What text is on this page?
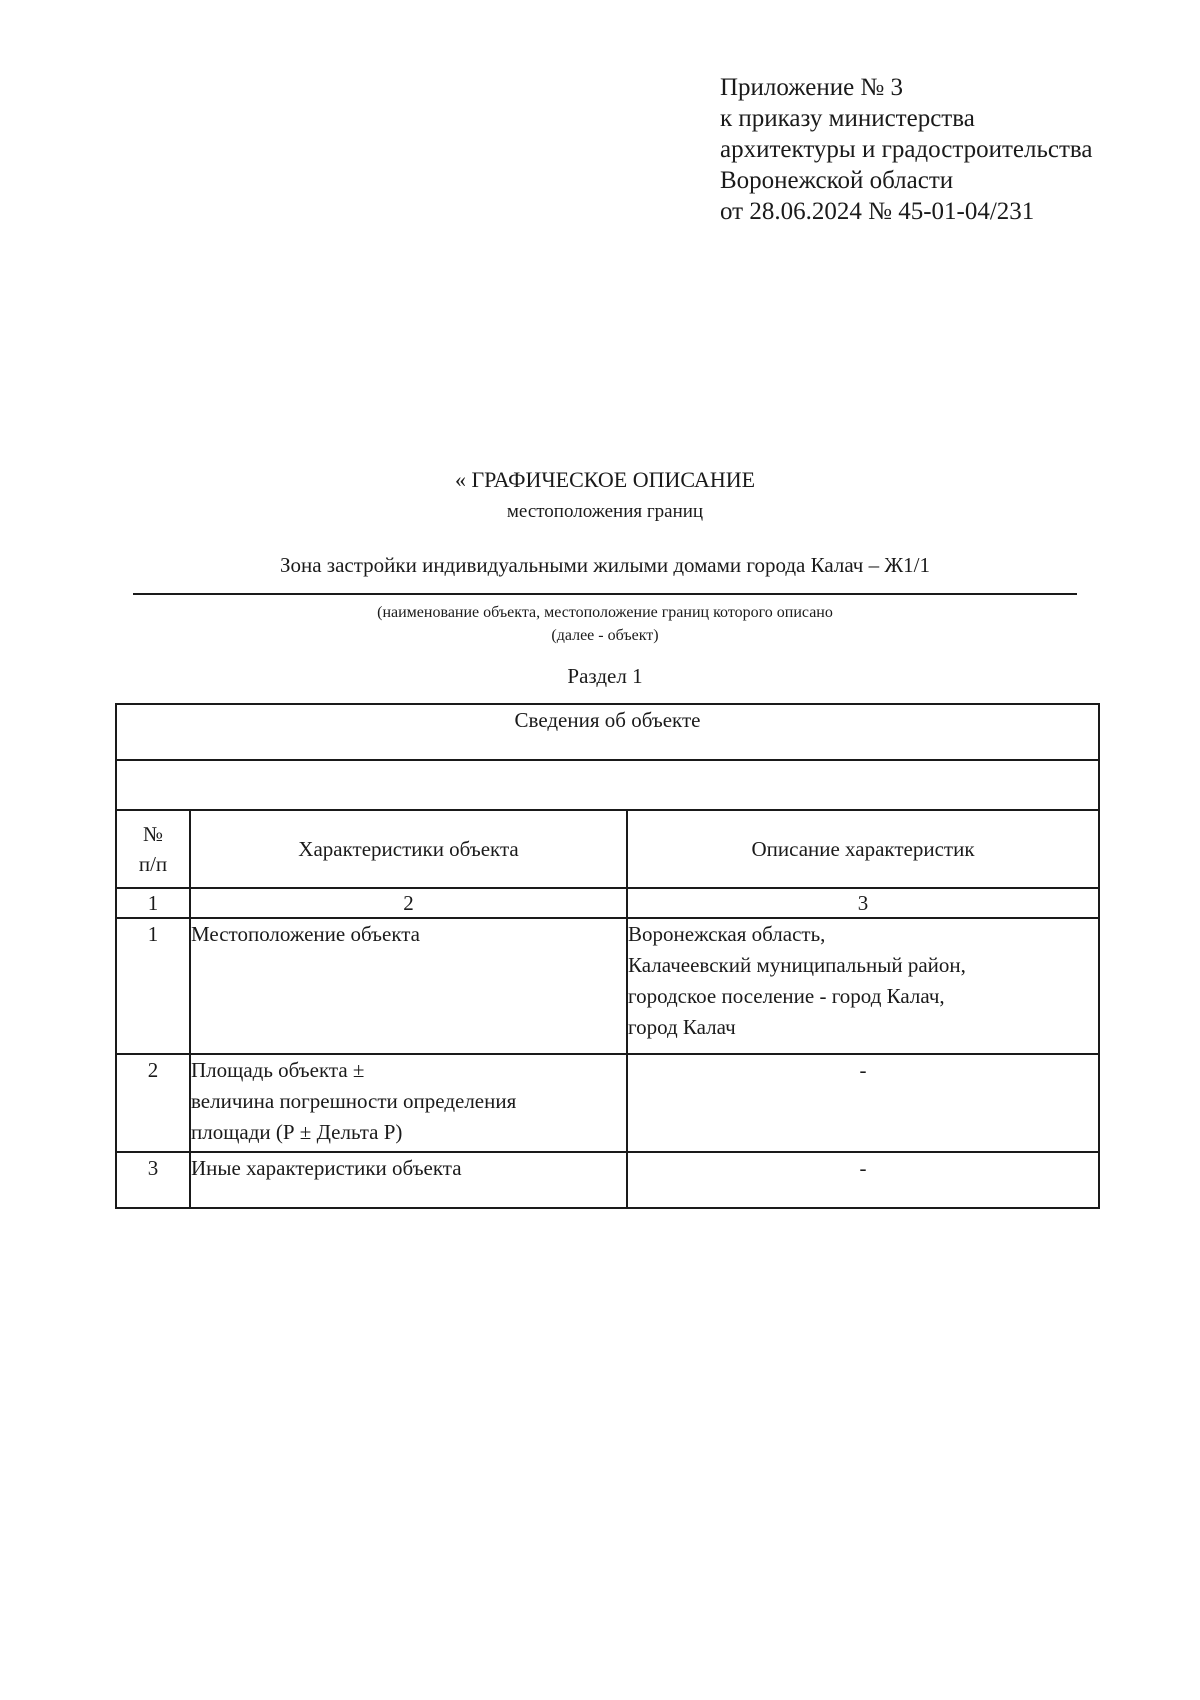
Приложение № 3
к приказу министерства
архитектуры и градостроительства
Воронежской области
от 28.06.2024 № 45-01-04/231
« ГРАФИЧЕСКОЕ ОПИСАНИЕ
местоположения границ
Зона застройки индивидуальными жилыми домами города Калач – Ж1/1
(наименование объекта, местоположение границ которого описано
(далее - объект)
Раздел 1
Сведения об объекте		

№
п/п	Характеристики объекта	Описание характеристик
1	2	3
1	Местоположение объекта	Воронежская область,
Калачеевский муниципальный район,
городское поселение - город Калач,
город Калач

2	Площадь объекта ±
величина погрешности определения
площади (Р ± Дельта Р)	-
3	Иные характеристики объекта	-
